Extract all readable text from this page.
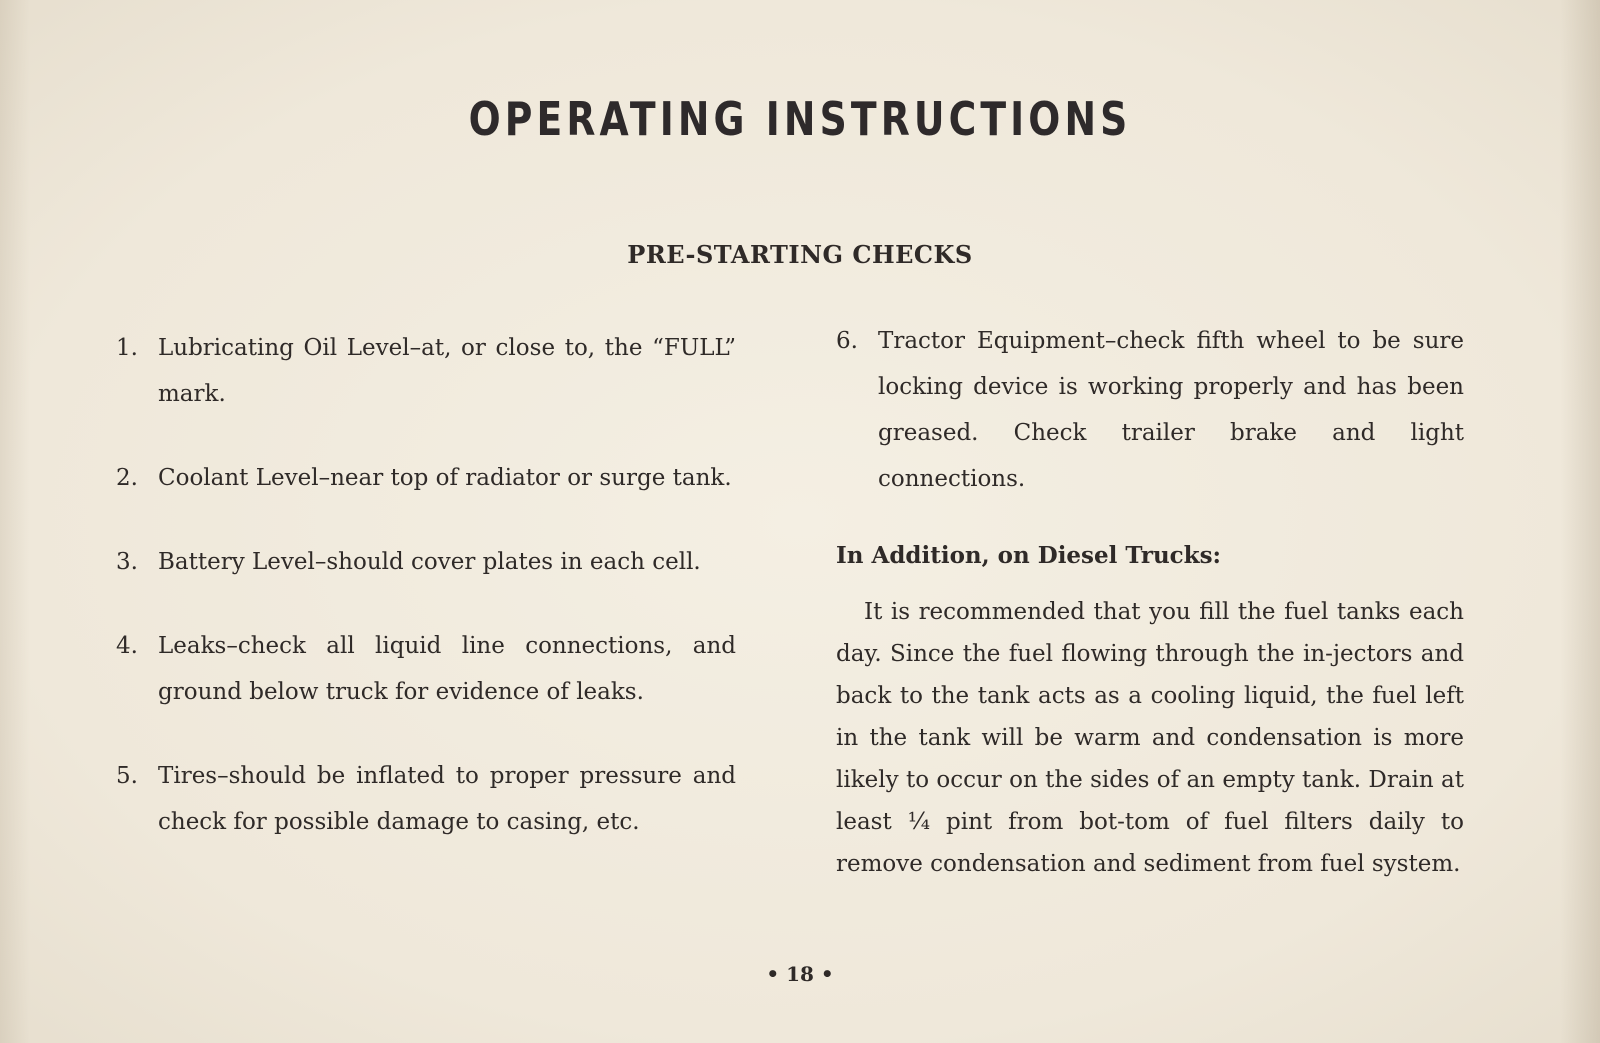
OPERATING INSTRUCTIONS
PRE-STARTING CHECKS
1. Lubricating Oil Level–at, or close to, the “FULL” mark.
2. Coolant Level–near top of radiator or surge tank.
3. Battery Level–should cover plates in each cell.
4. Leaks–check all liquid line connections, and ground below truck for evidence of leaks.
5. Tires–should be inflated to proper pressure and check for possible damage to casing, etc.
6. Tractor Equipment–check fifth wheel to be sure locking device is working properly and has been greased. Check trailer brake and light connections.
In Addition, on Diesel Trucks:
It is recommended that you fill the fuel tanks each day. Since the fuel flowing through the in-jectors and back to the tank acts as a cooling liquid, the fuel left in the tank will be warm and condensation is more likely to occur on the sides of an empty tank. Drain at least ¼ pint from bot-tom of fuel filters daily to remove condensation and sediment from fuel system.
• 18 •
